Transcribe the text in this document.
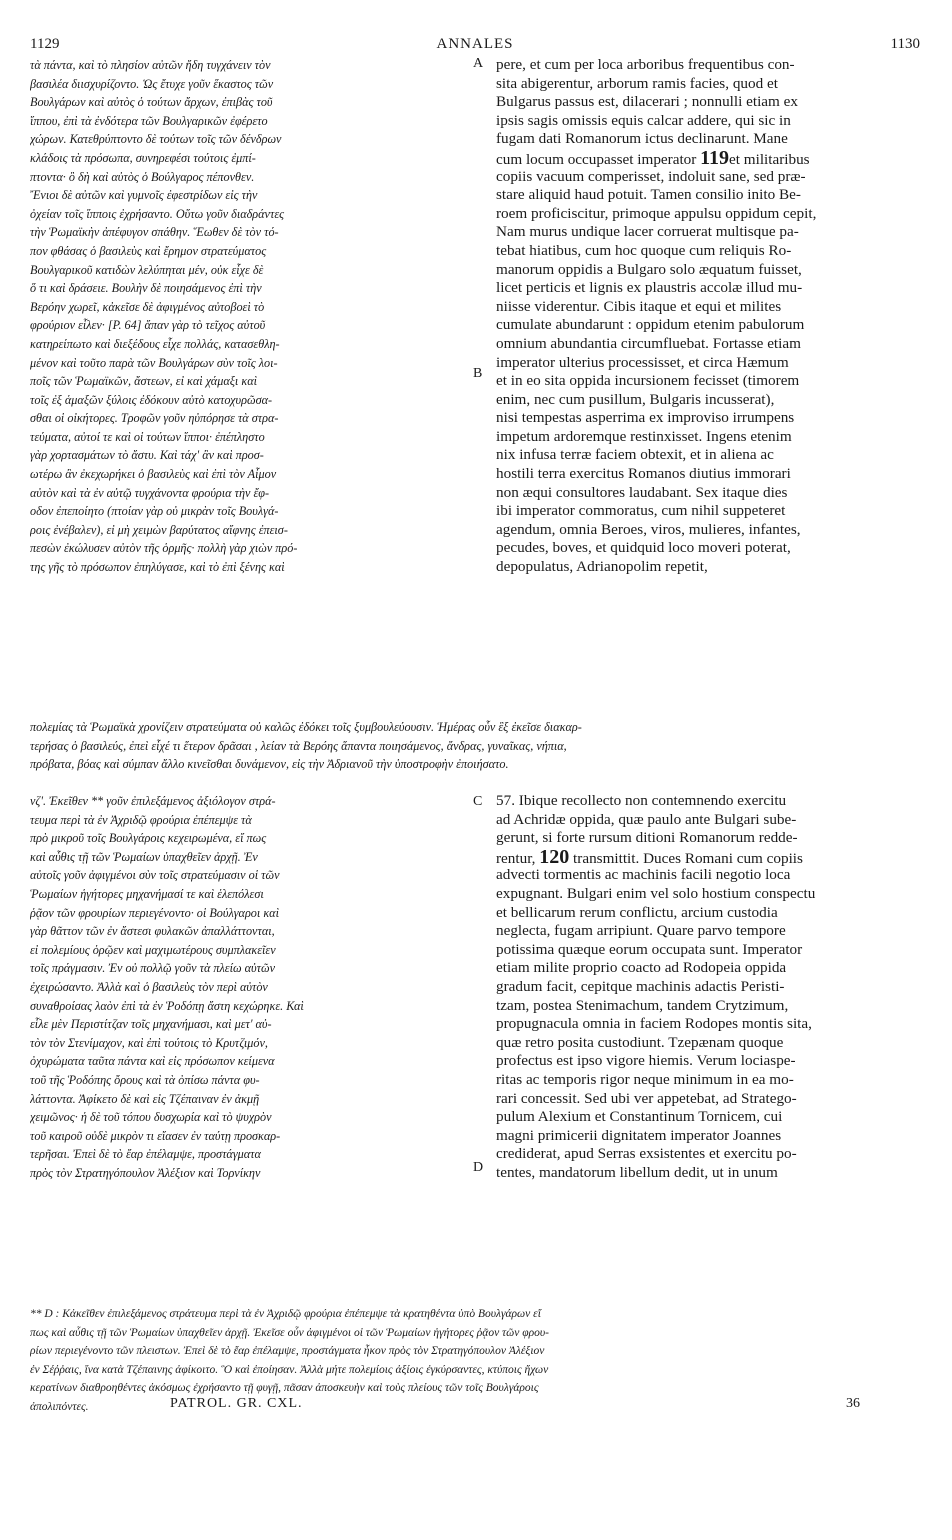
1129	ANNALES	1130
A
B
C
D
τὰ πάντα, καὶ τὸ πλησίον αὐτῶν ἤδη τυγχάνειν τὸν
βασιλέα διισχυρίζοντο. Ὡς ἔτυχε γοῦν ἕκαστος τῶν
Βουλγάρων καὶ αὐτὸς ὁ τούτων ἄρχων, ἐπιβὰς τοῦ
ἵππου, ἐπὶ τὰ ἐνδότερα τῶν Βουλγαρικῶν ἐφέρετο
χώρων. Κατεθρύπτοντο δὲ τούτων τοῖς τῶν δένδρων
κλάδοις τὰ πρόσωπα, συνηρεφέσι τούτοις ἐμπί-
πτοντα· ὃ δὴ καὶ αὐτὸς ὁ Βούλγαρος πέπονθεν.
Ἔνιοι δὲ αὐτῶν καὶ γυμνοῖς ἐφεστρίδων εἰς τὴν
ὀχείαν τοῖς ἵπποις ἐχρήσαντο. Οὕτω γοῦν διαδράντες
τὴν Ῥωμαϊκὴν ἀπέφυγον σπάθην. Ἕωθεν δὲ τὸν τό-
πον φθάσας ὁ βασιλεὺς καὶ ἔρημον στρατεύματος
Βουλγαρικοῦ κατιδὼν λελύπηται μέν, οὐκ εἶχε δὲ
ὅ τι καὶ δράσειε. Βουλὴν δὲ ποιησάμενος ἐπὶ τὴν
Βερόην χωρεῖ, κἀκεῖσε δὲ ἀφιγμένος αὐτοβοεὶ τὸ
φρούριον εἷλεν· [P. 64] ἅπαν γὰρ τὸ τεῖχος αὐτοῦ
κατηρείπωτο καὶ διεξέδους εἶχε πολλάς, κατασεθλη-
μένον καὶ τοῦτο παρὰ τῶν Βουλγάρων σὺν τοῖς λοι-
ποῖς τῶν Ῥωμαϊκῶν, ἄστεων, εἰ καὶ χάμαξι καὶ
τοῖς ἐξ ἁμαξῶν ξύλοις ἐδόκουν αὐτὸ κατοχυρῶσα-
σθαι οἱ οἰκήτορες. Τροφῶν γοῦν ηὐπόρησε τὰ στρα-
τεύματα, αὐτοί τε καὶ οἱ τούτων ἵπποι· ἐπέπληστο
γὰρ χορτασμάτων τὸ ἄστυ. Καὶ τάχ' ἂν καὶ προσ-
ωτέρω ἂν ἐκεχωρήκει ὁ βασιλεὺς καὶ ἐπὶ τὸν Αἶμον
αὐτὸν καὶ τὰ ἐν αὐτῷ τυγχάνοντα φρούρια τὴν ἔφ-
οδον ἐπεποίητο (πτοίαν γὰρ οὐ μικρὰν τοῖς Βουλγά-
ροις ἐνέβαλεν), εἰ μὴ χειμὼν βαρύτατος αἴφνης ἐπεισ-
πεσὼν ἐκώλυσεν αὐτὸν τῆς ὁρμῆς· πολλὴ γὰρ χιὼν πρό-
της γῆς τὸ πρόσωπον ἐπηλύγασε, καὶ τὸ ἐπὶ ξένης καὶ
pere, et cum per loca arboribus frequentibus con-
sita abigerentur, arborum ramis facies, quod et
Bulgarus passus est, dilacerari ; nonnulli etiam ex
ipsis sagis omissis equis calcar addere, qui sic in
fugam dati Romanorum ictus declinarunt. Mane
cum locum occupasset imperator 119et militaribus
copiis vacuum comperisset, indoluit sane, sed præ-
stare aliquid haud potuit. Tamen consilio inito Be-
roem proficiscitur, primoque appulsu oppidum cepit,
Nam murus undique lacer corruerat multisque pa-
tebat hiatibus, cum hoc quoque cum reliquis Ro-
manorum oppidis a Bulgaro solo æquatum fuisset,
licet perticis et lignis ex plaustris accolæ illud mu-
niisse viderentur. Cibis itaque et equi et milites
cumulate abundarunt : oppidum etenim pabulorum
omnium abundantia circumfluebat. Fortasse etiam
imperator ulterius processisset, et circa Hæmum
et in eo sita oppida incursionem fecisset (timorem
enim, nec cum pusillum, Bulgaris incusserat),
nisi tempestas asperrima ex improviso irrumpens
impetum ardoremque restinxisset. Ingens etenim
nix infusa terræ faciem obtexit, et in aliena ac
hostili terra exercitus Romanos diutius immorari
non æqui consultores laudabant. Sex itaque dies
ibi imperator commoratus, cum nihil suppeteret
agendum, omnia Beroes, viros, mulieres, infantes,
pecudes, boves, et quidquid loco moveri poterat,
depopulatus, Adrianopolim repetit,
πολεμίας τὰ Ῥωμαϊκὰ χρονίζειν στρατεύματα οὐ καλῶς ἐδόκει τοῖς ξυμβουλεύουσιν. Ἡμέρας οὖν ἓξ ἐκεῖσε διακαρ-
τερήσας ὁ βασιλεύς, ἐπεὶ εἶχέ τι ἕτερον δρᾶσαι , λείαν τὰ Βερόης ἅπαντα ποιησάμενος, ἄνδρας, γυναῖκας, νήπια,
πρόβατα, βόας καὶ σύμπαν ἄλλο κινεῖσθαι δυνάμενον, εἰς τὴν Ἀδριανοῦ τὴν ὑποστροφὴν ἐποιήσατο.
νζ'. Ἐκεῖθεν ** γοῦν ἐπιλεξάμενος ἀξιόλογον στρά-
τευμα περὶ τὰ ἐν Ἀχριδῷ φρούρια ἐπέπεμψε τὰ
πρὸ μικροῦ τοῖς Βουλγάροις κεχειρωμένα, εἴ πως
καὶ αὖθις τῇ τῶν Ῥωμαίων ὑπαχθεῖεν ἀρχῇ. Ἐν
αὐτοῖς γοῦν ἀφιγμένοι σὺν τοῖς στρατεύμασιν οἱ τῶν
Ῥωμαίων ἡγήτορες μηχανήμασί τε καὶ ἑλεπόλεσι
ῥᾷον τῶν φρουρίων περιεγένοντο· οἱ Βούλγαροι καὶ
γὰρ θᾶττον τῶν ἐν ἄστεσι φυλακῶν ἀπαλλάττονται,
εἰ πολεμίους ὁρῷεν καὶ μαχιμωτέρους συμπλακεῖεν
τοῖς πράγμασιν. Ἐν οὐ πολλῷ γοῦν τὰ πλείω αὐτῶν
ἐχειρώσαντο. Ἀλλὰ καὶ ὁ βασιλεὺς τὸν περὶ αὐτὸν
συναθροίσας λαὸν ἐπὶ τὰ ἐν Ῥοδόπῃ ἄστη κεχώρηκε. Καὶ
εἷλε μὲν Περιστίτζαν τοῖς μηχανήμασι, καὶ μετ' αὐ-
τὸν τὸν Στενίμαχον, καὶ ἐπὶ τούτοις τὸ Κρυτζιμόν,
ὀχυρώματα ταῦτα πάντα καὶ εἰς πρόσωπον κείμενα
τοῦ τῆς Ῥοδόπης ὄρους καὶ τὰ ὀπίσω πάντα φυ-
λάττοντα. Ἀφίκετο δὲ καὶ εἰς Τζέπαιναν ἐν ἀκμῇ
χειμῶνος· ἡ δὲ τοῦ τόπου δυσχωρία καὶ τὸ ψυχρὸν
τοῦ καιροῦ οὐδὲ μικρὸν τι εἴασεν ἐν ταύτῃ προσκαρ-
τερῆσαι. Ἐπεὶ δὲ τὸ ἔαρ ἐπέλαμψε, προστάγματα
πρὸς τὸν Στρατηγόπουλον Ἀλέξιον καὶ Τορνίκην
57. Ibique recollecto non contemnendo exercitu
ad Achridæ oppida, quæ paulo ante Bulgari sube-
gerunt, si forte rursum ditioni Romanorum redde-
rentur, 120 transmittit. Duces Romani cum copiis
advecti tormentis ac machinis facili negotio loca
expugnant. Bulgari enim vel solo hostium conspectu
et bellicarum rerum conflictu, arcium custodia
neglecta, fugam arripiunt. Quare parvo tempore
potissima quæque eorum occupata sunt. Imperator
etiam milite proprio coacto ad Rodopeia oppida
gradum facit, cepitque machinis adactis Peristi-
tzam, postea Stenimachum, tandem Crytzimum,
propugnacula omnia in faciem Rodopes montis sita,
quæ retro posita custodiunt. Tzepænam quoque
profectus est ipso vigore hiemis. Verum lociaspe-
ritas ac temporis rigor neque minimum in ea mo-
rari concessit. Sed ubi ver appetebat, ad Stratego-
pulum Alexium et Constantinum Tornicem, cui
magni primicerii dignitatem imperator Joannes
crediderat, apud Serras exsistentes et exercitu po-
tentes, mandatorum libellum dedit, ut in unum
** D : Κἀκεῖθεν ἐπιλεξάμενος στράτευμα περὶ τὰ ἐν Ἀχριδῷ φρούρια ἐπέπεμψε τὰ κρατηθέντα ὑπὸ Βουλγάρων εἴ
πως καὶ αὖθις τῇ τῶν Ῥωμαίων ὑπαχθεῖεν ἀρχῇ. Ἐκεῖσε οὖν ἀφιγμένοι οἱ τῶν Ῥωμαίων ἡγήτορες ῥᾷον τῶν φρου-
ρίων περιεγένοντο τῶν πλειστων. Ἐπεὶ δὲ τὸ ἔαρ ἐπέλαμψε, προστάγματα ἧκον πρὸς τὸν Στρατηγόπουλον Ἀλέξιον
ἐν Σέῤῥαις, ἵνα κατὰ Τζέπαινης ἀφίκοιτο. Ὃ καὶ ἐποίησαν. Ἀλλὰ μήτε πολεμίοις ἀξίοις ἐγκύρσαντες, κτύποις ἤχων
κερατίνων διαθροηθέντες ἀκόσμως ἐχρήσαντο τῇ φυγῇ, πᾶσαν ἀποσκευὴν καὶ τοὺς πλείους τῶν τοῖς Βουλγάροις
ἀπολιπόντες.	PATROL. GR. CXL.	36
